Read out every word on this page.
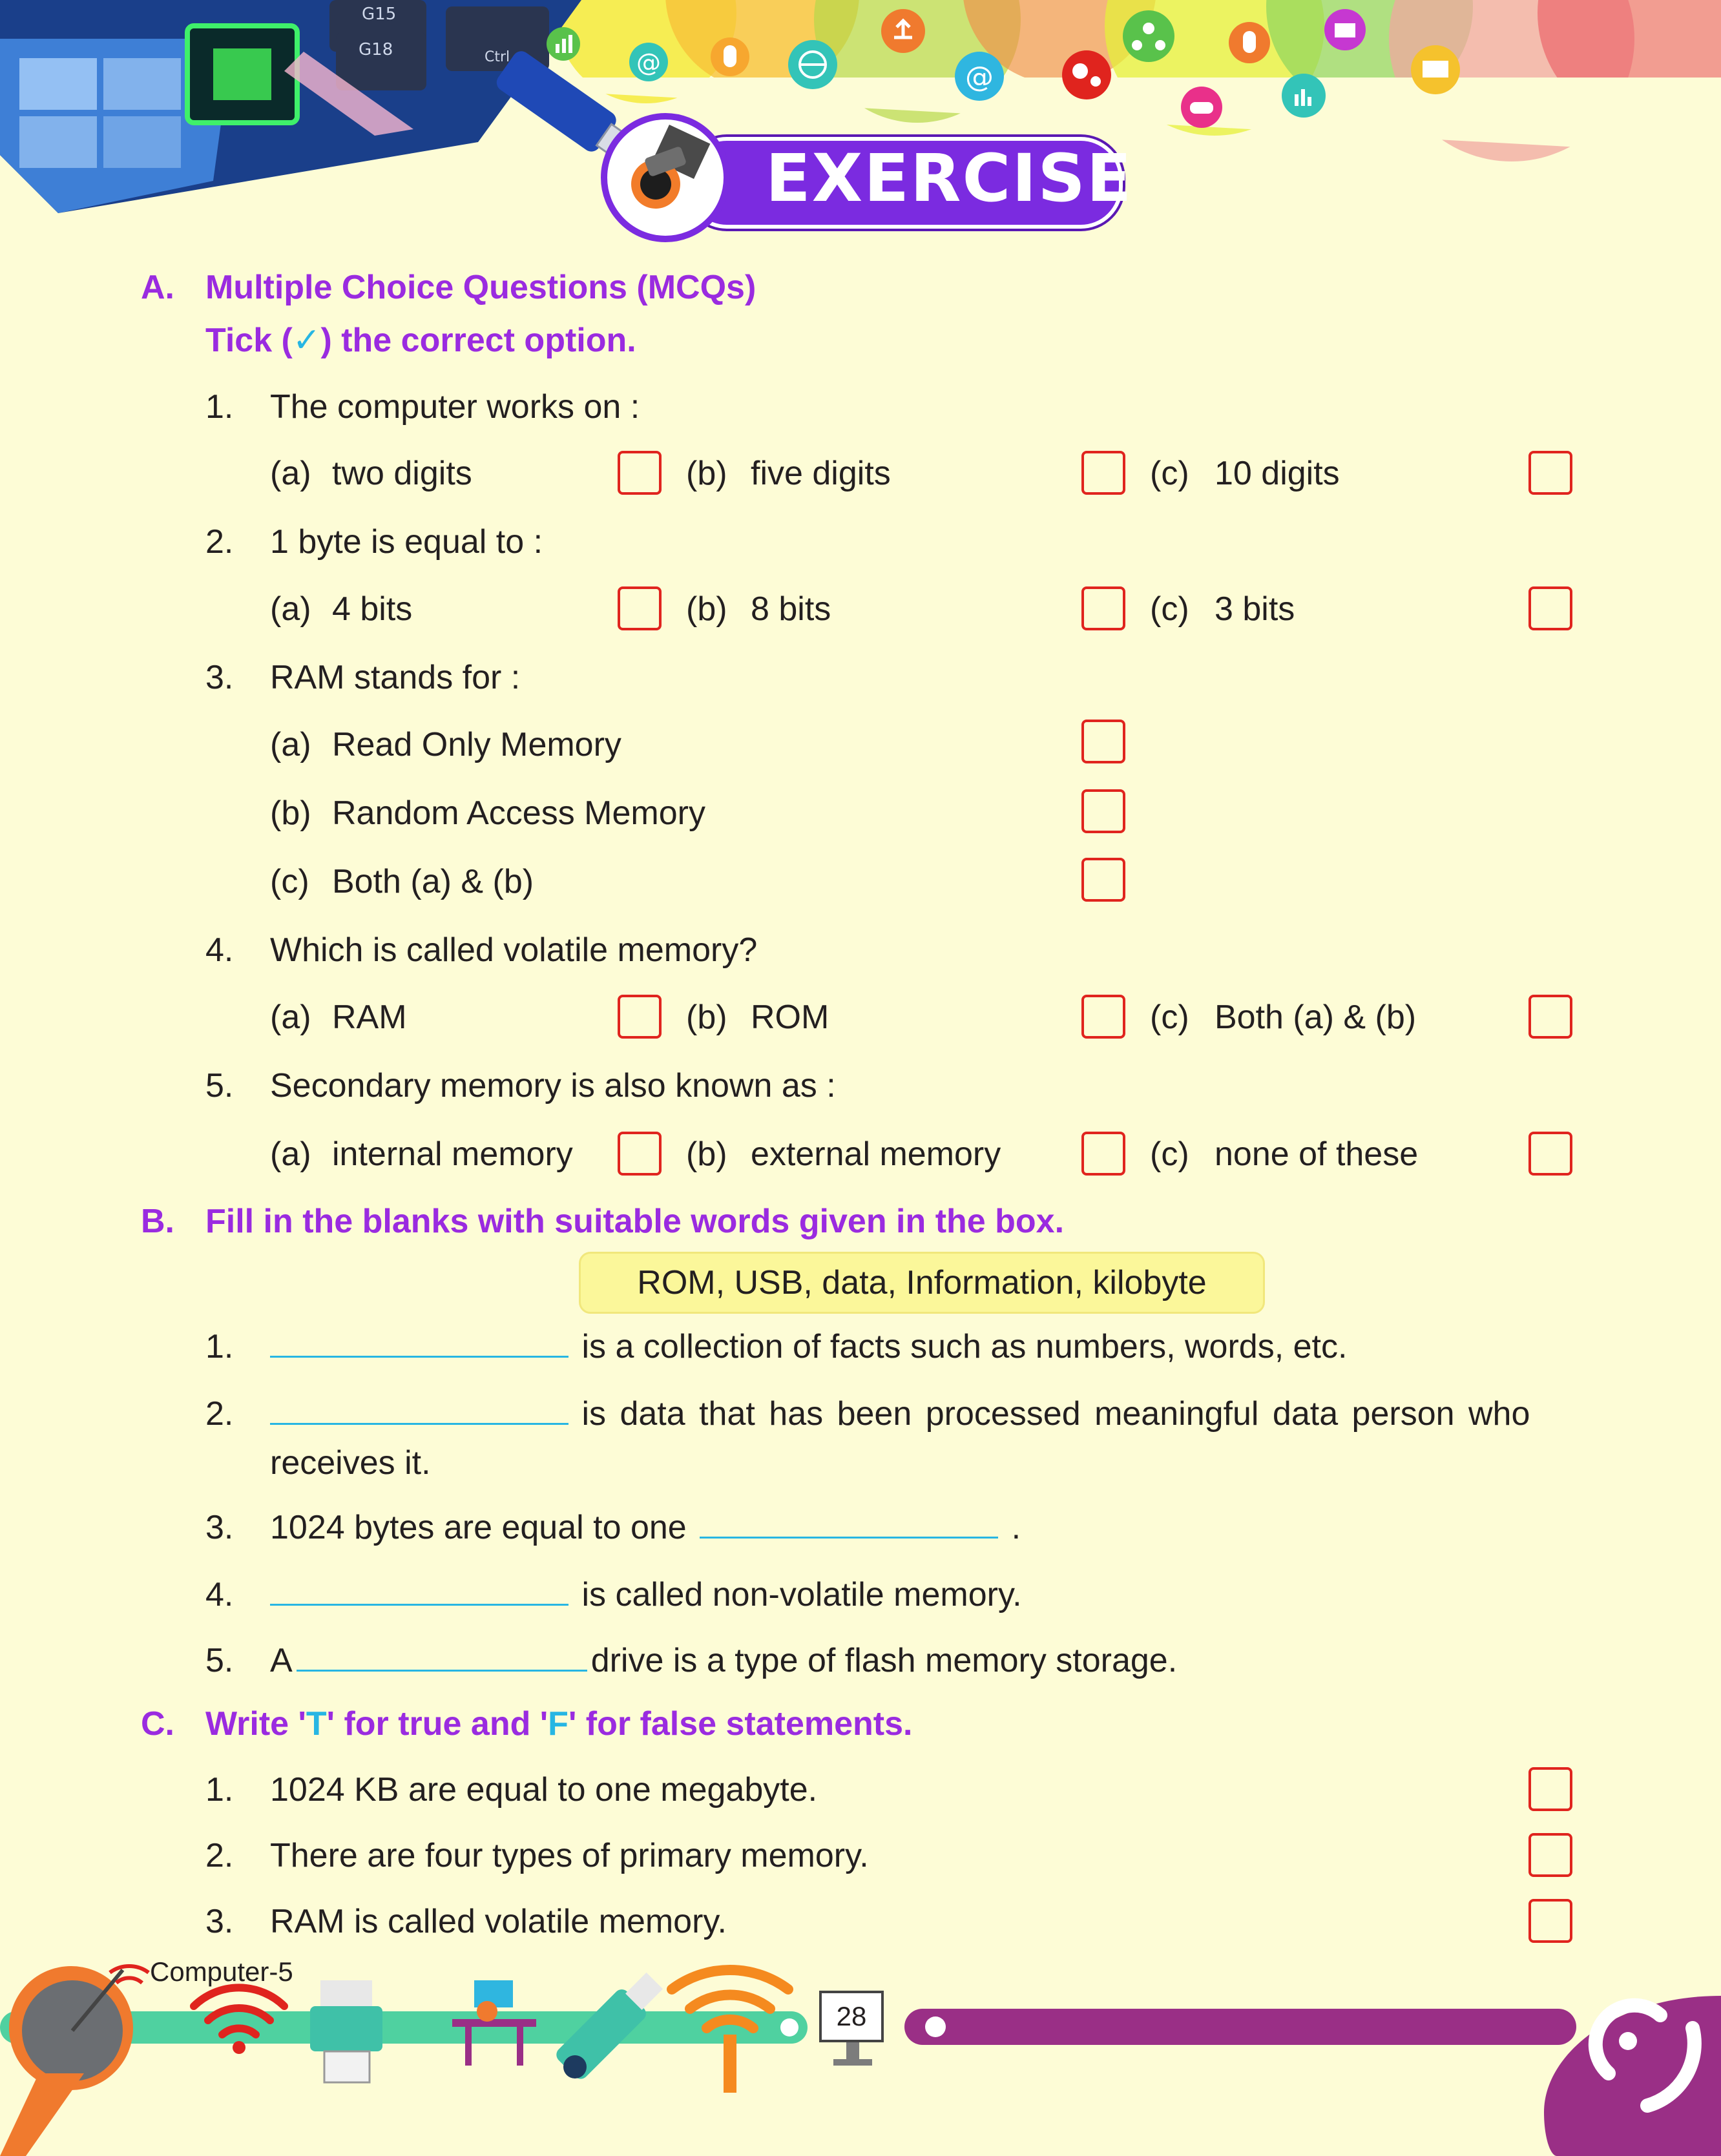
G15
G18	Ctrl	@	@
EXERCISE
A. Multiple Choice Questions (MCQs)
Tick (✓) the correct option.
1.	The computer works on :
(a) two digits	(b) five digits	(c) 10 digits
2.	1 byte is equal to :
(a) 4 bits	(b) 8 bits	(c) 3 bits
3.	RAM stands for :
(a) Read Only Memory
(b) Random Access Memory
(c) Both (a) & (b)
4.	Which is called volatile memory?
(a) RAM	(b) ROM	(c) Both (a) & (b)
5.	Secondary memory is also known as :
(a) internal memory	(b) external memory	(c) none of these
B. Fill in the blanks with suitable words given in the box.
ROM, USB, data, Information, kilobyte
1.	is a collection of facts such as numbers, words, etc.
2.	is data that has been processed meaningful data person who
receives it.
3.	1024 bytes are equal to one	.
4.	is called non-volatile memory.
5.	A	drive is a type of flash memory storage.
C. Write 'T' for true and 'F' for false statements.
1.	1024 KB are equal to one megabyte.
2.	There are four types of primary memory.
3.	RAM is called volatile memory.
Computer-5
28
